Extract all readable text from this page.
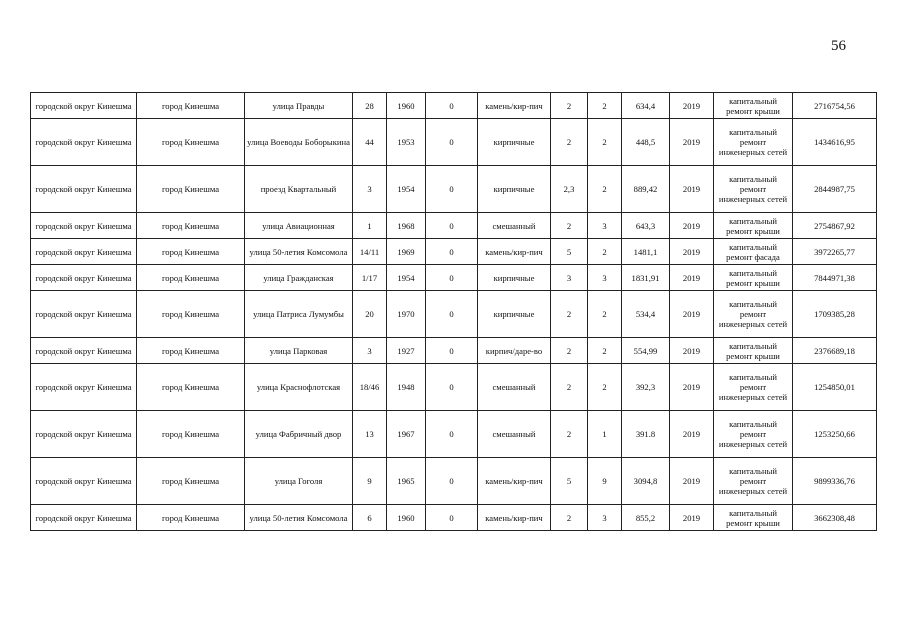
56
городской округ Кинешма	город Кинешма	улица Правды	28	1960	0	камень/кир-пич	2	2	634,4	2019	капитальный ремонт крыши	2716754,56
городской округ Кинешма	город Кинешма	улица Воеводы Боборыкина	44	1953	0	кирпичные	2	2	448,5	2019	капитальный ремонт инженерных сетей	1434616,95
городской округ Кинешма	город Кинешма	проезд Квартальный	3	1954	0	кирпичные	2,3	2	889,42	2019	капитальный ремонт инженерных сетей	2844987,75
городской округ Кинешма	город Кинешма	улица Авиационная	1	1968	0	смешанный	2	3	643,3	2019	капитальный ремонт крыши	2754867,92
городской округ Кинешма	город Кинешма	улица 50-летия Комсомола	14/11	1969	0	камень/кир-пич	5	2	1481,1	2019	капитальный ремонт фасада	3972265,77
городской округ Кинешма	город Кинешма	улица Гражданская	1/17	1954	0	кирпичные	3	3	1831,91	2019	капитальный ремонт крыши	7844971,38
городской округ Кинешма	город Кинешма	улица Патриса Лумумбы	20	1970	0	кирпичные	2	2	534,4	2019	капитальный ремонт инженерных сетей	1709385,28
городской округ Кинешма	город Кинешма	улица Парковая	3	1927	0	кирпич/даре-во	2	2	554,99	2019	капитальный ремонт крыши	2376689,18
городской округ Кинешма	город Кинешма	улица Краснофлотская	18/46	1948	0	смешанный	2	2	392,3	2019	капитальный ремонт инженерных сетей	1254850,01
городской округ Кинешма	город Кинешма	улица Фабричный двор	13	1967	0	смешанный	2	1	391.8	2019	капитальный ремонт инженерных сетей	1253250,66
городской округ Кинешма	город Кинешма	улица Гоголя	9	1965	0	камень/кир-пич	5	9	3094,8	2019	капитальный ремонт инженерных сетей	9899336,76
городской округ Кинешма	город Кинешма	улица 50-летия Комсомола	6	1960	0	камень/кир-пич	2	3	855,2	2019	капитальный ремонт крыши	3662308,48
